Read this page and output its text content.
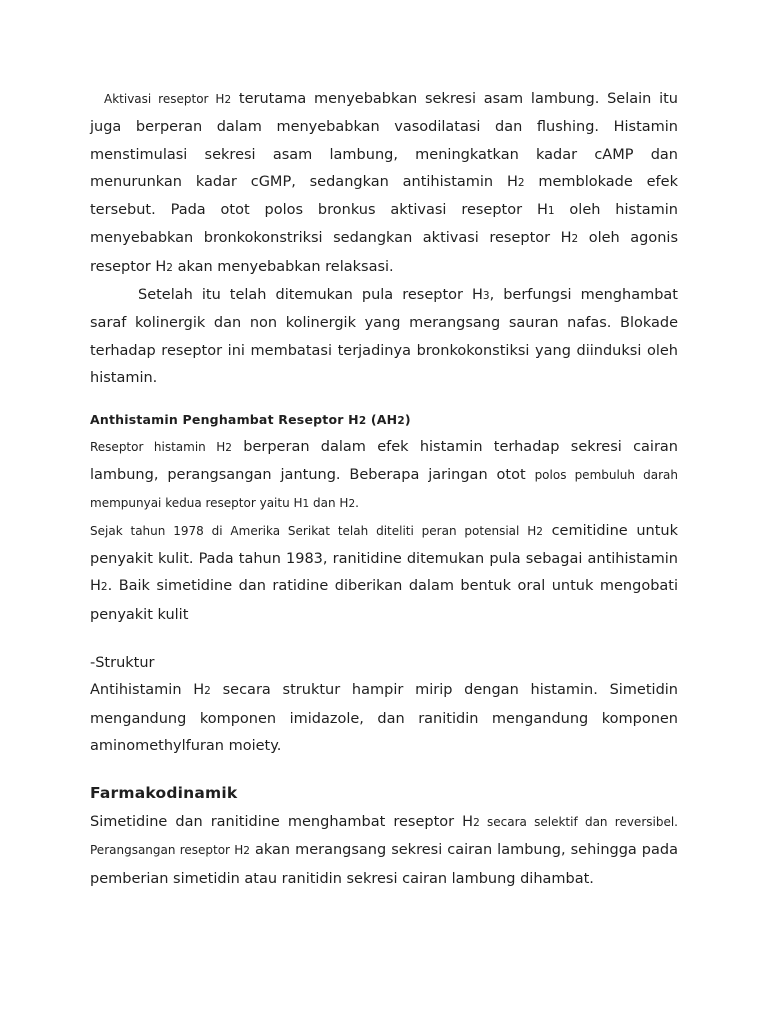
Aktivasi reseptor H2 terutama menyebabkan sekresi asam lambung. Selain itu juga berperan dalam menyebabkan vasodilatasi dan flushing. Histamin menstimulasi sekresi asam lambung, meningkatkan kadar cAMP dan menurunkan kadar cGMP, sedangkan antihistamin H2 memblokade efek tersebut. Pada otot polos bronkus aktivasi reseptor H1 oleh histamin menyebabkan bronkokonstriksi sedangkan aktivasi reseptor H2 oleh agonis reseptor H2 akan menyebabkan relaksasi.

Setelah itu telah ditemukan pula reseptor H3, berfungsi menghambat saraf kolinergik dan non kolinergik yang merangsang sauran nafas. Blokade terhadap reseptor ini membatasi terjadinya bronkokonstiksi yang diinduksi oleh histamin.

Anthistamin Penghambat Reseptor H2 (AH2)

Reseptor histamin H2 berperan dalam efek histamin terhadap sekresi cairan lambung, perangsangan jantung. Beberapa jaringan otot polos pembuluh darah mempunyai kedua reseptor yaitu H1 dan H2.

Sejak tahun 1978 di Amerika Serikat telah diteliti peran potensial H2 cemitidine untuk penyakit kulit. Pada tahun 1983, ranitidine ditemukan pula sebagai antihistamin H2. Baik simetidine dan ratidine diberikan dalam bentuk oral untuk mengobati penyakit kulit

-Struktur

Antihistamin H2 secara struktur hampir mirip dengan histamin. Simetidin mengandung komponen imidazole, dan ranitidin mengandung komponen aminomethylfuran moiety.

Farmakodinamik

Simetidine dan ranitidine menghambat reseptor H2 secara selektif dan reversibel. Perangsangan reseptor H2 akan merangsang sekresi cairan lambung, sehingga pada pemberian simetidin atau ranitidin sekresi cairan lambung dihambat.
